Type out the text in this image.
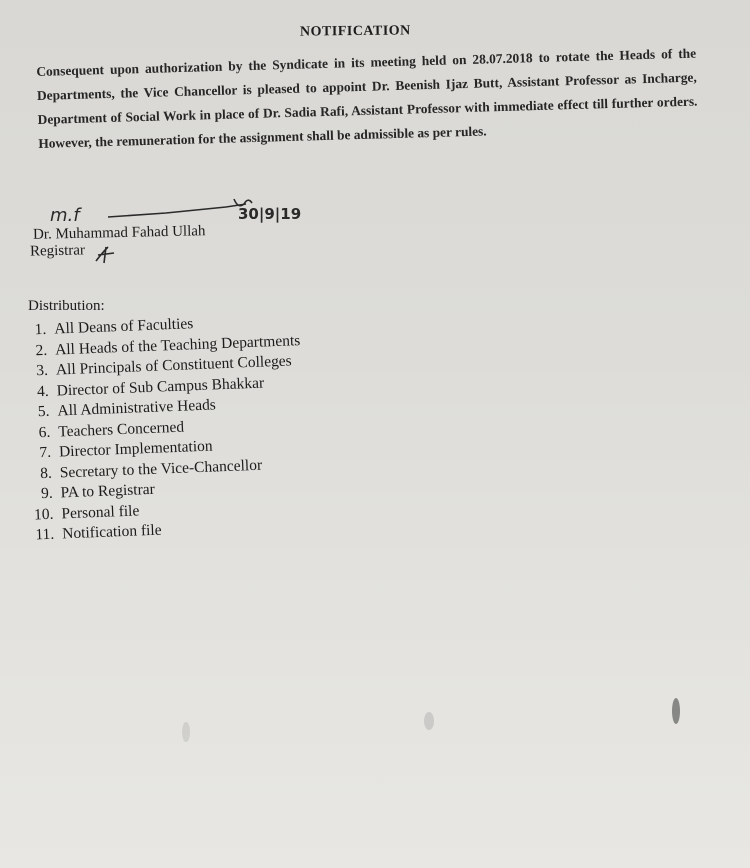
NOTIFICATION
Consequent upon authorization by the Syndicate in its meeting held on 28.07.2018 to rotate the Heads of the Departments, the Vice Chancellor is pleased to appoint Dr. Beenish Ijaz Butt, Assistant Professor as Incharge, Department of Social Work in place of Dr. Sadia Rafi, Assistant Professor with immediate effect till further orders. However, the remuneration for the assignment shall be admissible as per rules.
m.f	30|9|19
Dr. Muhammad Fahad Ullah
Registrar
Distribution:
1. All Deans of Faculties
2. All Heads of the Teaching Departments
3. All Principals of Constituent Colleges
4. Director of Sub Campus Bhakkar
5. All Administrative Heads
6. Teachers Concerned
7. Director Implementation
8. Secretary to the Vice-Chancellor
9. PA to Registrar
10. Personal file
11. Notification file
